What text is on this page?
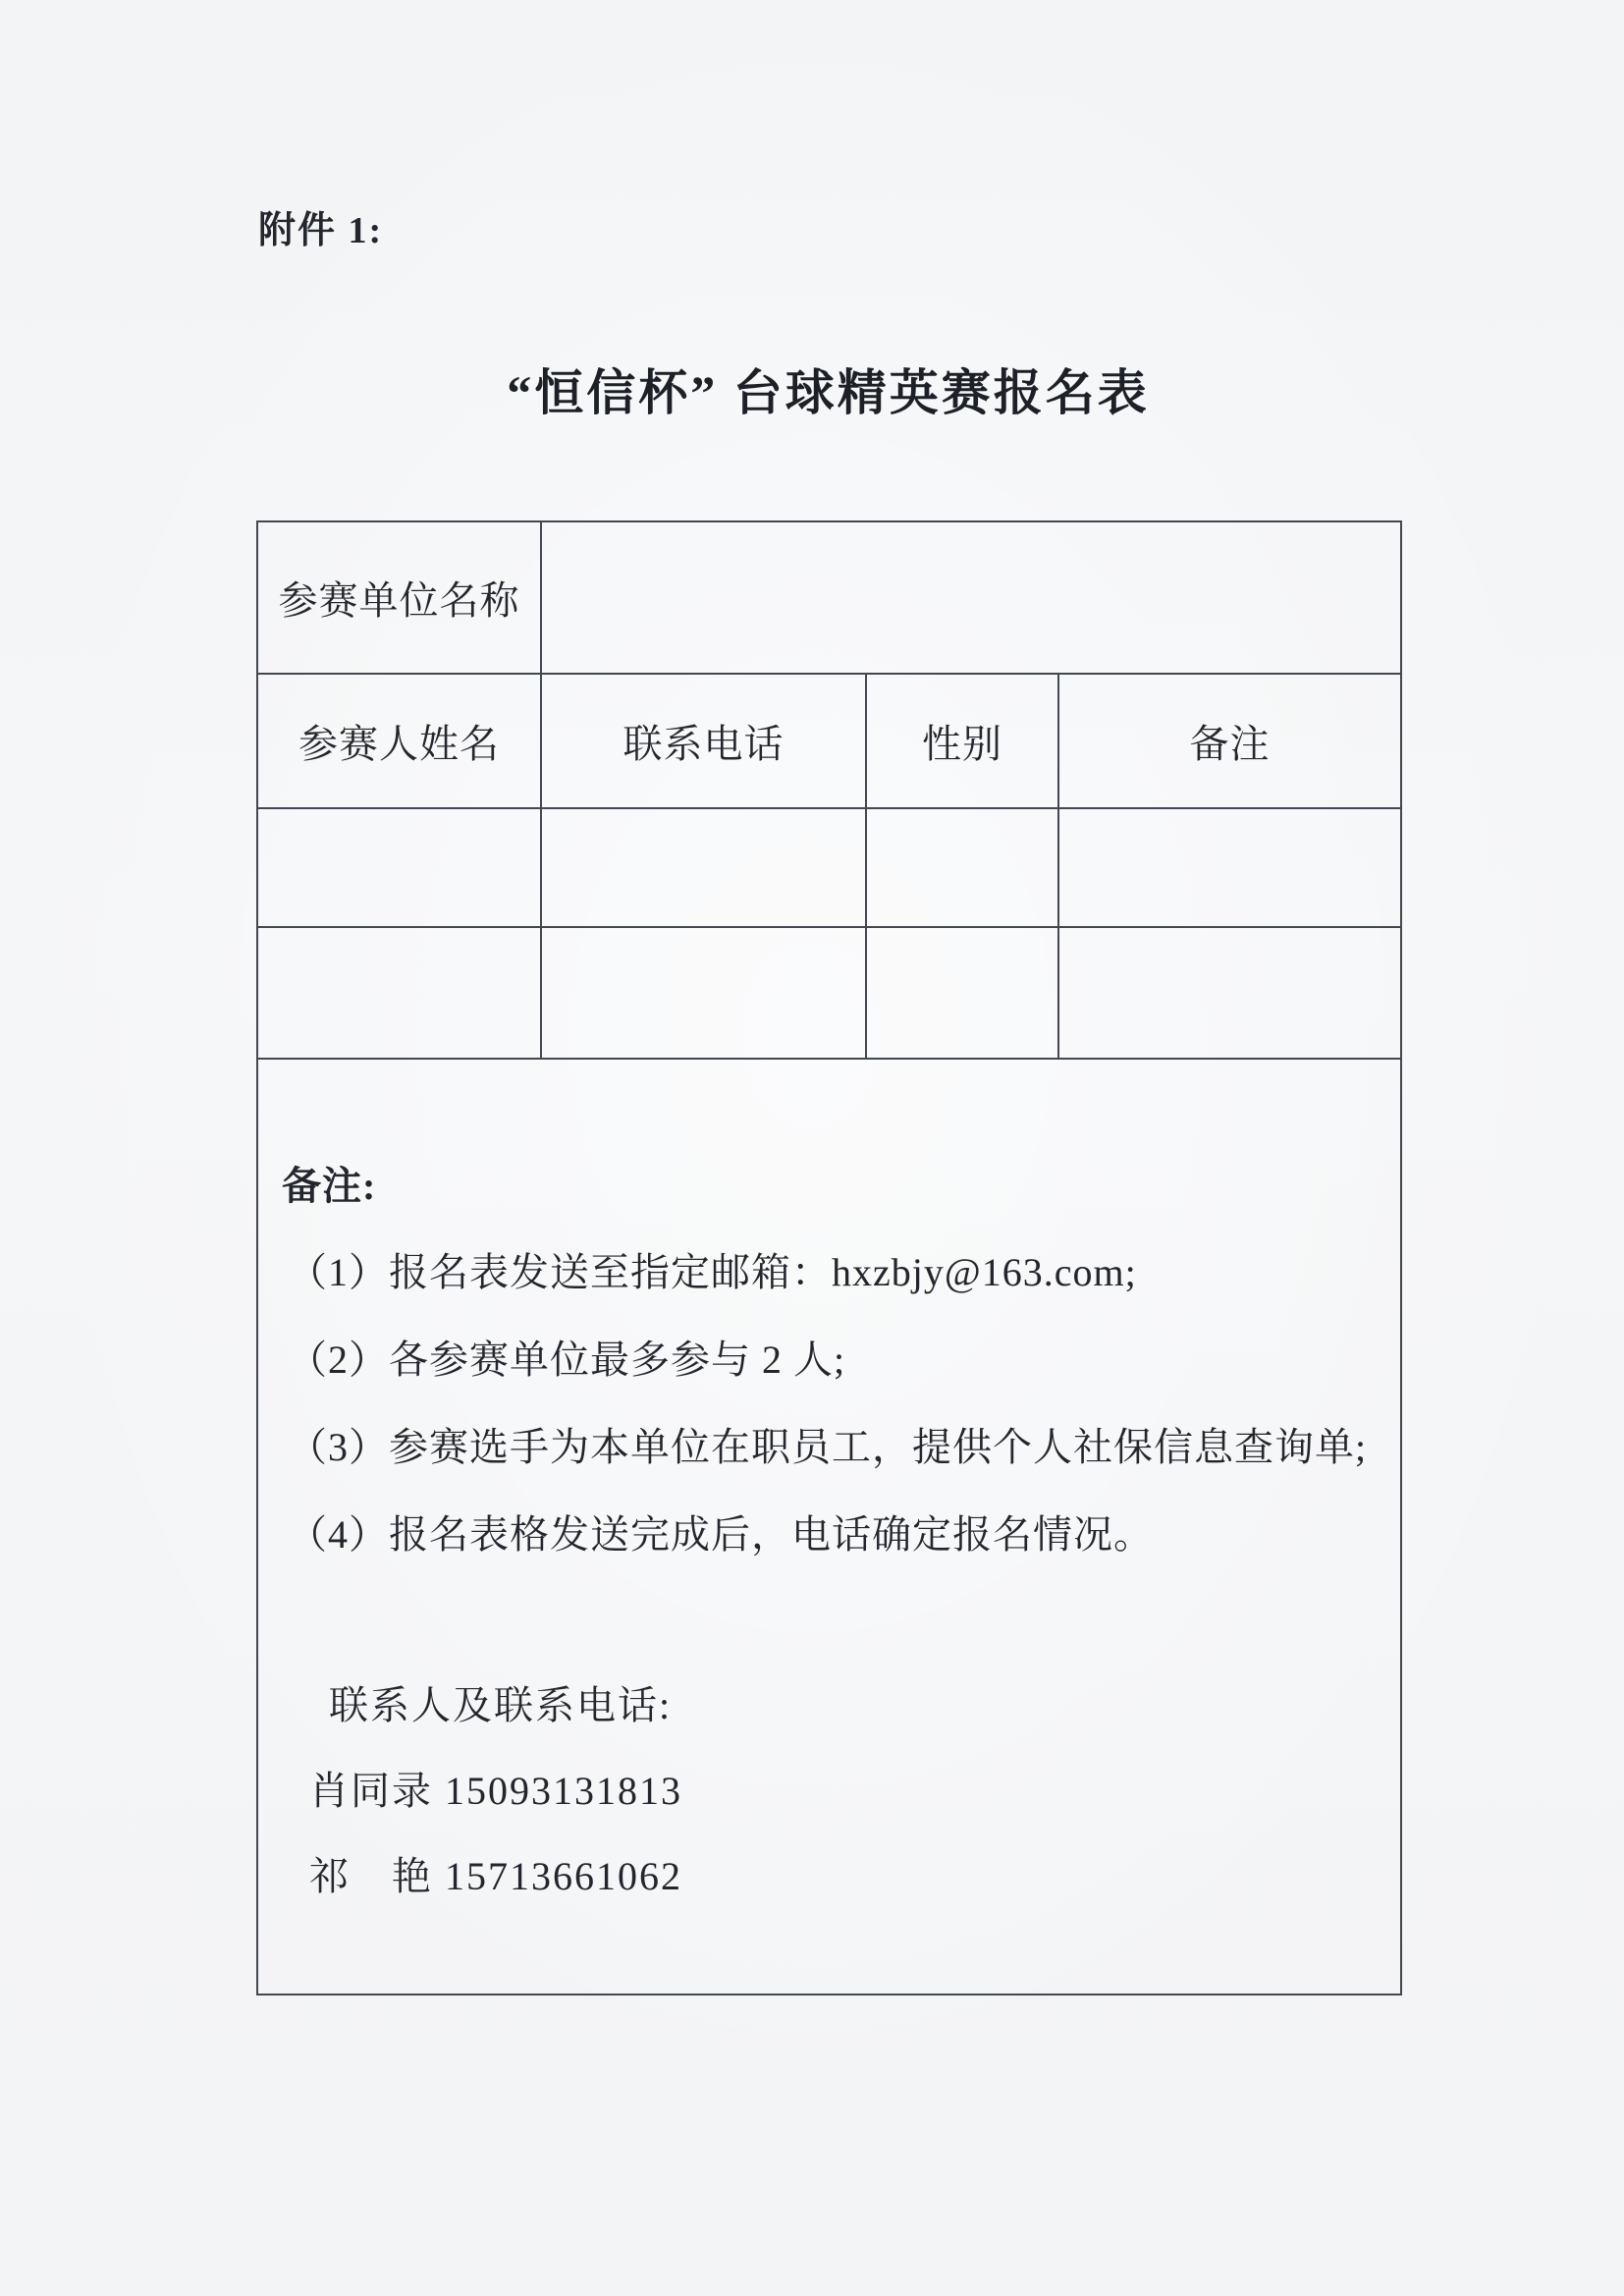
附件 1:
“恒信杯” 台球精英赛报名表
参赛单位名称			
参赛人姓名	联系电话	性别	备注

备注:
（1）报名表发送至指定邮箱：hxzbjy@163.com;
（2）各参赛单位最多参与 2 人;
（3）参赛选手为本单位在职员工，提供个人社保信息查询单;
（4）报名表格发送完成后，电话确定报名情况。
联系人及联系电话:
肖同录 15093131813
祁　艳 15713661062
